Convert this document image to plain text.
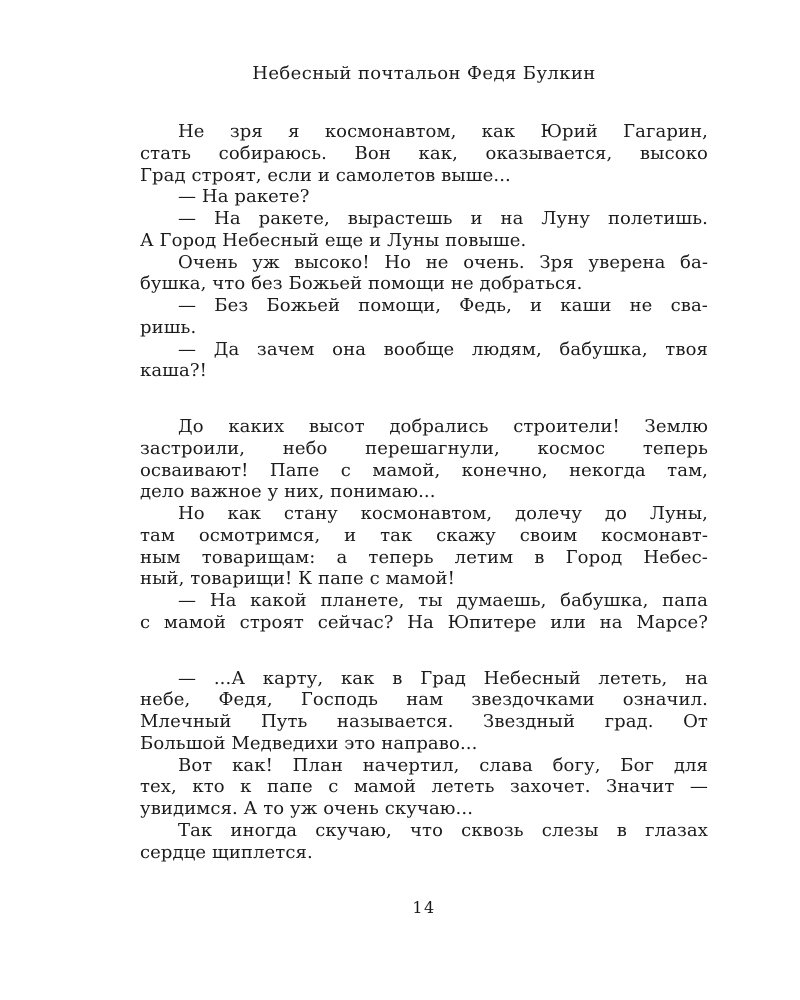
Небесный почтальон Федя Булкин
Не зря я космонавтом, как Юрий Гагарин,
стать собираюсь. Вон как, оказывается, высоко
Град строят, если и самолетов выше...
— На ракете?
— На ракете, вырастешь и на Луну полетишь.
А Город Небесный еще и Луны повыше.
Очень уж высоко! Но не очень. Зря уверена ба-
бушка, что без Божьей помощи не добраться.
— Без Божьей помощи, Федь, и каши не сва-
ришь.
— Да зачем она вообще людям, бабушка, твоя
каша?!
До каких высот добрались строители! Землю
застроили, небо перешагнули, космос теперь
осваивают! Папе с мамой, конечно, некогда там,
дело важное у них, понимаю...
Но как стану космонавтом, долечу до Луны,
там осмотримся, и так скажу своим космонавт-
ным товарищам: а теперь летим в Город Небес-
ный, товарищи! К папе с мамой!
— На какой планете, ты думаешь, бабушка, папа
с мамой строят сейчас? На Юпитере или на Марсе?
— ...А карту, как в Град Небесный лететь, на
небе, Федя, Господь нам звездочками означил.
Млечный Путь называется. Звездный град. От
Большой Медведихи это направо...
Вот как! План начертил, слава богу, Бог для
тех, кто к папе с мамой лететь захочет. Значит —
увидимся. А то уж очень скучаю...
Так иногда скучаю, что сквозь слезы в глазах
сердце щиплется.
14
